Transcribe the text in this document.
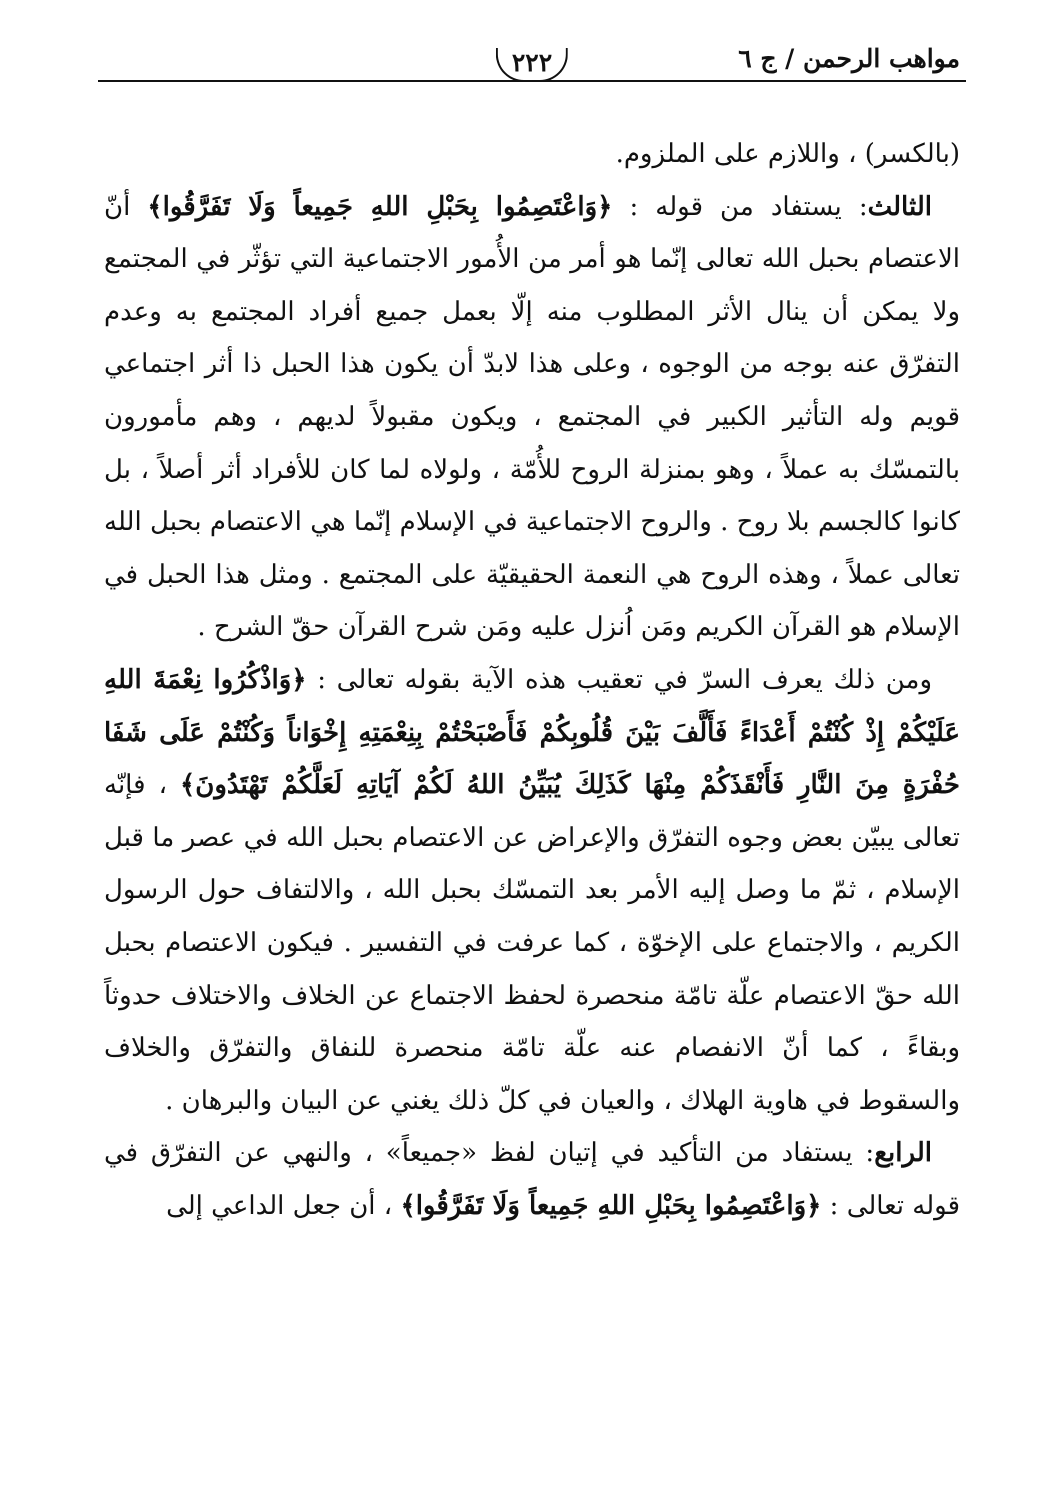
مواهب الرحمن / ج ٦
٢٢٢

(بالكسر) ، واللازم على الملزوم.

الثالث: يستفاد من قوله : ﴿وَاعْتَصِمُوا بِحَبْلِ اللهِ جَمِيعاً وَلَا تَفَرَّقُوا﴾ أنّ الاعتصام بحبل الله تعالى إنّما هو أمر من الأُمور الاجتماعية التي تؤثّر في المجتمع ولا يمكن أن ينال الأثر المطلوب منه إلّا بعمل جميع أفراد المجتمع به وعدم التفرّق عنه بوجه من الوجوه ، وعلى هذا لابدّ أن يكون هذا الحبل ذا أثر اجتماعي قويم وله التأثير الكبير في المجتمع ، ويكون مقبولاً لديهم ، وهم مأمورون بالتمسّك به عملاً ، وهو بمنزلة الروح للأُمّة ، ولولاه لما كان للأفراد أثر أصلاً ، بل كانوا كالجسم بلا روح . والروح الاجتماعية في الإسلام إنّما هي الاعتصام بحبل الله تعالى عملاً ، وهذه الروح هي النعمة الحقيقيّة على المجتمع . ومثل هذا الحبل في الإسلام هو القرآن الكريم ومَن اُنزل عليه ومَن شرح القرآن حقّ الشرح .

ومن ذلك يعرف السرّ في تعقيب هذه الآية بقوله تعالى : ﴿وَاذْكُرُوا نِعْمَةَ اللهِ عَلَيْكُمْ إِذْ كُنْتُمْ أَعْدَاءً فَأَلَّفَ بَيْنَ قُلُوبِكُمْ فَأَصْبَحْتُمْ بِنِعْمَتِهِ إِخْوَاناً وَكُنْتُمْ عَلَى شَفَا حُفْرَةٍ مِنَ النَّارِ فَأَنْقَذَكُمْ مِنْهَا كَذَلِكَ يُبَيِّنُ اللهُ لَكُمْ آيَاتِهِ لَعَلَّكُمْ تَهْتَدُونَ﴾ ، فإنّه تعالى يبيّن بعض وجوه التفرّق والإعراض عن الاعتصام بحبل الله في عصر ما قبل الإسلام ، ثمّ ما وصل إليه الأمر بعد التمسّك بحبل الله ، والالتفاف حول الرسول الكريم ، والاجتماع على الإخوّة ، كما عرفت في التفسير . فيكون الاعتصام بحبل الله حقّ الاعتصام علّة تامّة منحصرة لحفظ الاجتماع عن الخلاف والاختلاف حدوثاً وبقاءً ، كما أنّ الانفصام عنه علّة تامّة منحصرة للنفاق والتفرّق والخلاف والسقوط في هاوية الهلاك ، والعيان في كلّ ذلك يغني عن البيان والبرهان .

الرابع: يستفاد من التأكيد في إتيان لفظ «جميعاً» ، والنهي عن التفرّق في قوله تعالى : ﴿وَاعْتَصِمُوا بِحَبْلِ اللهِ جَمِيعاً وَلَا تَفَرَّقُوا﴾ ، أن جعل الداعي إلى
